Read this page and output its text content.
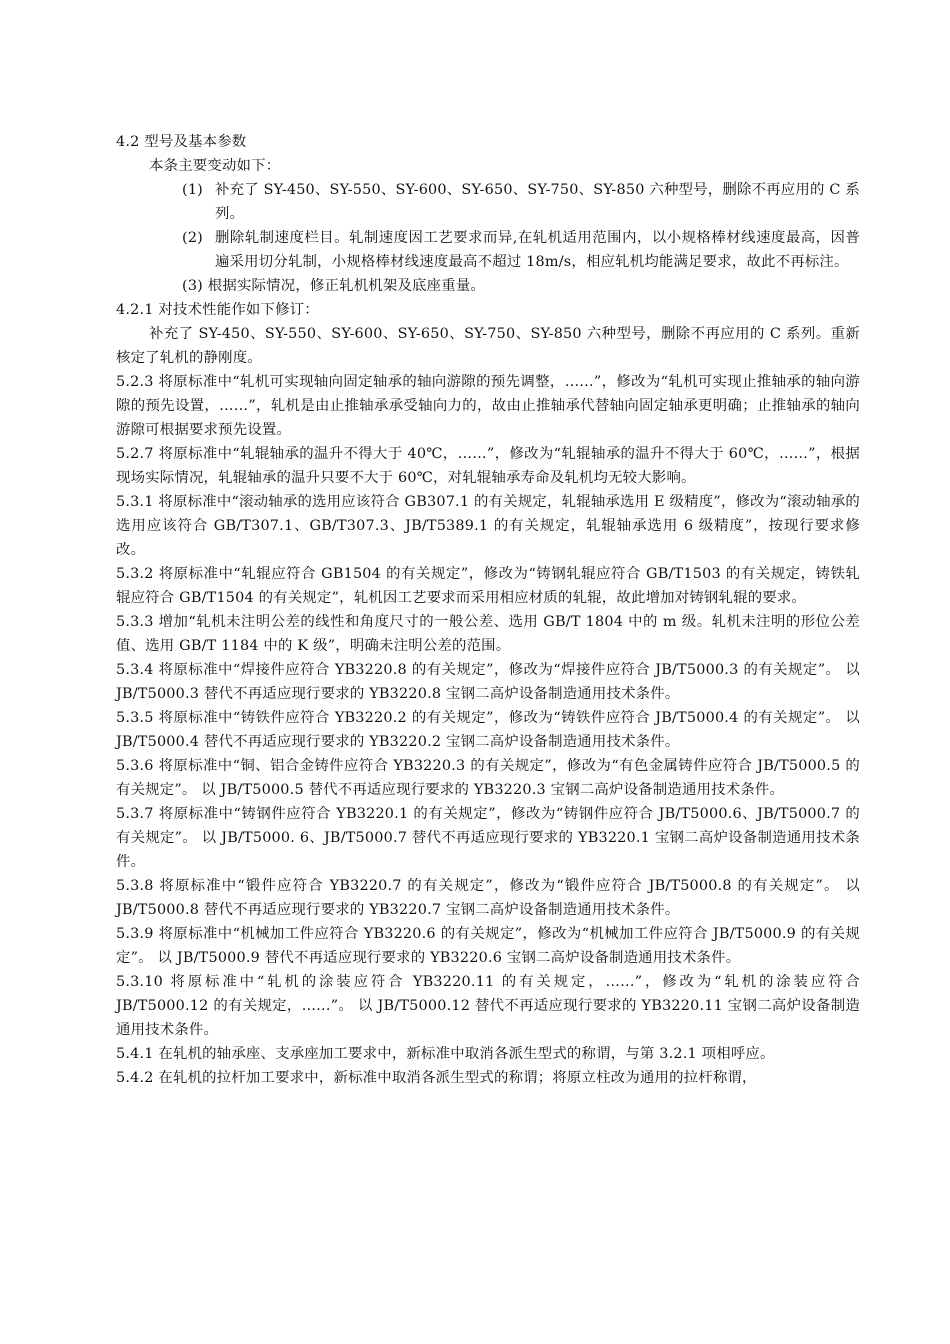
4.2 型号及基本参数

本条主要变动如下：

(1) 补充了 SY-450、SY-550、SY-600、SY-650、SY-750、SY-850 六种型号，删除不再应用的 C 系列。
(2) 删除轧制速度栏目。轧制速度因工艺要求而异,在轧机适用范围内，以小规格棒材线速度最高，因普遍采用切分轧制，小规格棒材线速度最高不超过 18m/s，相应轧机均能满足要求，故此不再标注。
(3) 根据实际情况，修正轧机机架及底座重量。

4.2.1 对技术性能作如下修订：

补充了 SY-450、SY-550、SY-600、SY-650、SY-750、SY-850 六种型号，删除不再应用的 C 系列。重新核定了轧机的静刚度。

5.2.3 将原标准中“轧机可实现轴向固定轴承的轴向游隙的预先调整，……”，修改为“轧机可实现止推轴承的轴向游隙的预先设置，……”，轧机是由止推轴承承受轴向力的，故由止推轴承代替轴向固定轴承更明确；止推轴承的轴向游隙可根据要求预先设置。

5.2.7 将原标准中“轧辊轴承的温升不得大于 40℃，……”，修改为“轧辊轴承的温升不得大于 60℃，……”，根据现场实际情况，轧辊轴承的温升只要不大于 60℃，对轧辊轴承寿命及轧机均无较大影响。

5.3.1 将原标准中“滚动轴承的选用应该符合 GB307.1 的有关规定，轧辊轴承选用 E 级精度”，修改为“滚动轴承的选用应该符合 GB/T307.1、GB/T307.3、JB/T5389.1 的有关规定，轧辊轴承选用 6 级精度”，按现行要求修改。

5.3.2 将原标准中“轧辊应符合 GB1504 的有关规定”，修改为“铸钢轧辊应符合 GB/T1503 的有关规定，铸铁轧辊应符合 GB/T1504 的有关规定”，轧机因工艺要求而采用相应材质的轧辊，故此增加对铸钢轧辊的要求。

5.3.3 增加“轧机未注明公差的线性和角度尺寸的一般公差、选用 GB/T 1804 中的 m 级。轧机未注明的形位公差值、选用 GB/T 1184 中的 K 级”，明确未注明公差的范围。

5.3.4 将原标准中“焊接件应符合 YB3220.8 的有关规定”，修改为“焊接件应符合 JB/T5000.3 的有关规定”。 以 JB/T5000.3 替代不再适应现行要求的 YB3220.8 宝钢二高炉设备制造通用技术条件。

5.3.5 将原标准中“铸铁件应符合 YB3220.2 的有关规定”，修改为“铸铁件应符合 JB/T5000.4 的有关规定”。 以 JB/T5000.4 替代不再适应现行要求的 YB3220.2 宝钢二高炉设备制造通用技术条件。

5.3.6 将原标准中“铜、铝合金铸件应符合 YB3220.3 的有关规定”，修改为“有色金属铸件应符合 JB/T5000.5 的有关规定”。 以 JB/T5000.5 替代不再适应现行要求的 YB3220.3 宝钢二高炉设备制造通用技术条件。

5.3.7 将原标准中“铸钢件应符合 YB3220.1 的有关规定”，修改为“铸钢件应符合 JB/T5000.6、JB/T5000.7 的有关规定”。 以 JB/T5000. 6、JB/T5000.7 替代不再适应现行要求的 YB3220.1 宝钢二高炉设备制造通用技术条件。

5.3.8 将原标准中“锻件应符合 YB3220.7 的有关规定”，修改为“锻件应符合 JB/T5000.8 的有关规定”。 以 JB/T5000.8 替代不再适应现行要求的 YB3220.7 宝钢二高炉设备制造通用技术条件。

5.3.9 将原标准中“机械加工件应符合 YB3220.6 的有关规定”，修改为“机械加工件应符合 JB/T5000.9 的有关规定”。 以 JB/T5000.9 替代不再适应现行要求的 YB3220.6 宝钢二高炉设备制造通用技术条件。

5.3.10 将原标准中“轧机的涂装应符合 YB3220.11 的有关规定，……”，修改为“轧机的涂装应符合 JB/T5000.12 的有关规定，……”。 以 JB/T5000.12 替代不再适应现行要求的 YB3220.11 宝钢二高炉设备制造通用技术条件。

5.4.1 在轧机的轴承座、支承座加工要求中，新标准中取消各派生型式的称谓，与第 3.2.1 项相呼应。

5.4.2 在轧机的拉杆加工要求中，新标准中取消各派生型式的称谓；将原立柱改为通用的拉杆称谓，
